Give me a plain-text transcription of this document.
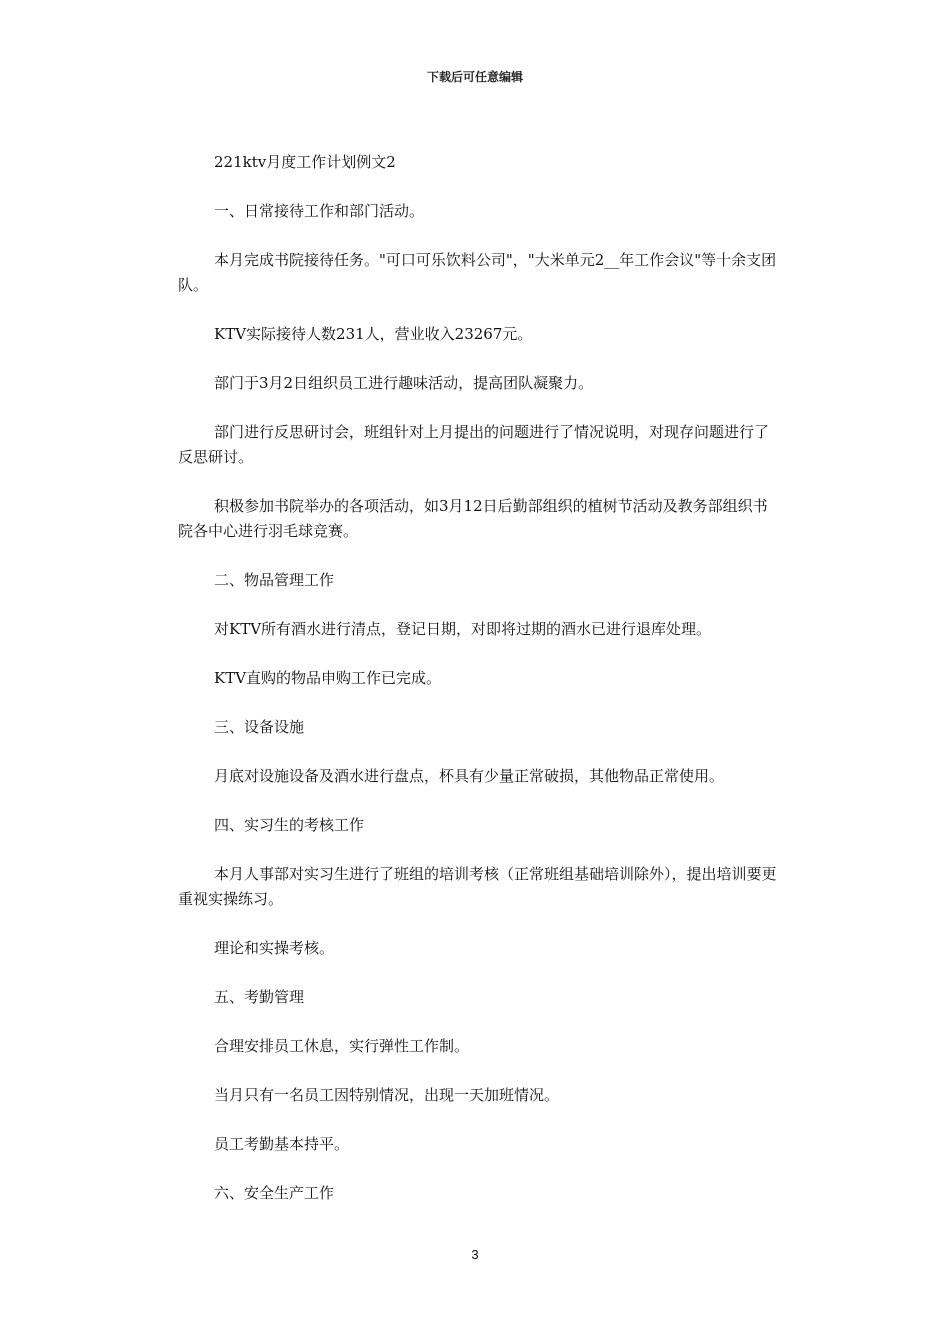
下载后可任意编辑

221ktv月度工作计划例文2

一、日常接待工作和部门活动。

本月完成书院接待任务。"可口可乐饮料公司"，"大米单元2__年工作会议"等十余支团队。

KTV实际接待人数231人，营业收入23267元。

部门于3月2日组织员工进行趣味活动，提高团队凝聚力。

部门进行反思研讨会，班组针对上月提出的问题进行了情况说明，对现存问题进行了反思研讨。

积极参加书院举办的各项活动，如3月12日后勤部组织的植树节活动及教务部组织书院各中心进行羽毛球竞赛。

二、物品管理工作

对KTV所有酒水进行清点，登记日期，对即将过期的酒水已进行退库处理。

KTV直购的物品申购工作已完成。

三、设备设施

月底对设施设备及酒水进行盘点，杯具有少量正常破损，其他物品正常使用。

四、实习生的考核工作

本月人事部对实习生进行了班组的培训考核（正常班组基础培训除外），提出培训要更重视实操练习。

理论和实操考核。

五、考勤管理

合理安排员工休息，实行弹性工作制。

当月只有一名员工因特别情况，出现一天加班情况。

员工考勤基本持平。

六、安全生产工作

3
